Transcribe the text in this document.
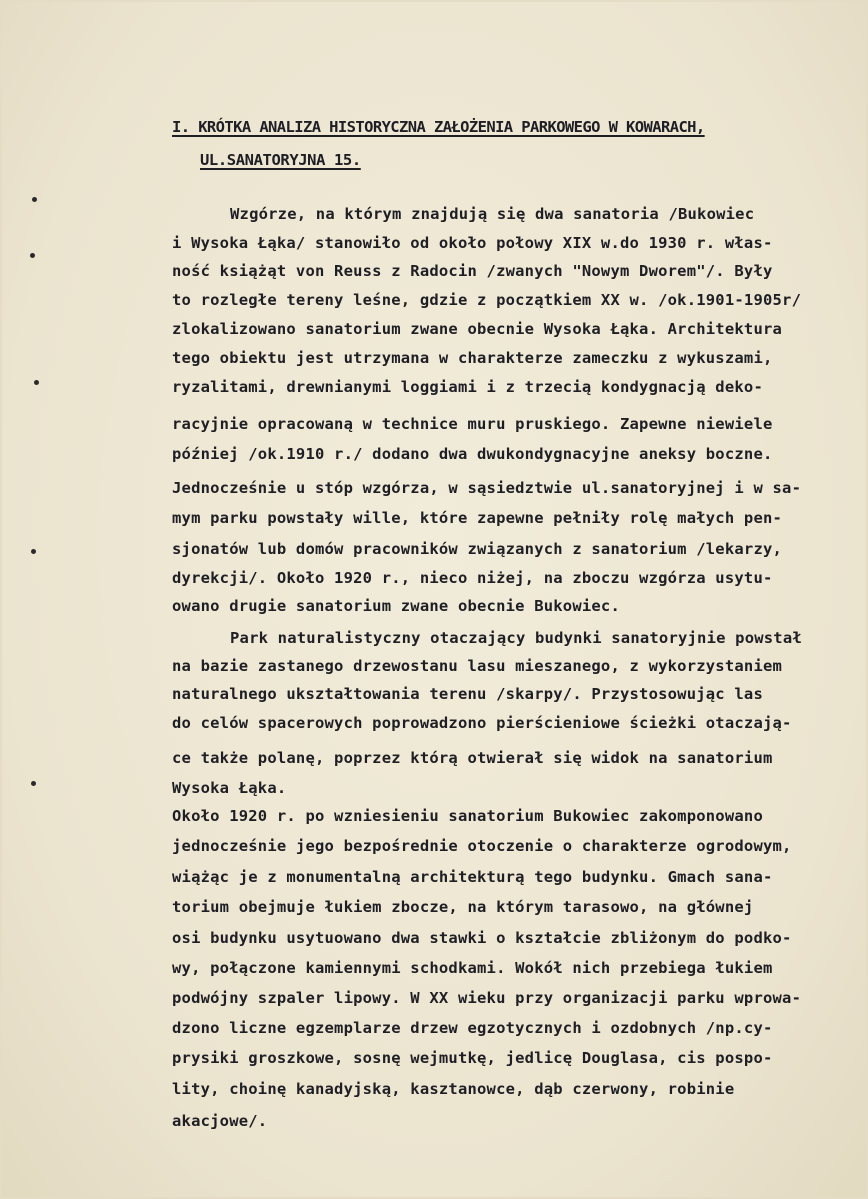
I. KRÓTKA ANALIZA HISTORYCZNA ZAŁOŻENIA PARKOWEGO W KOWARACH,
UL.SANATORYJNA 15.
Wzgórze, na którym znajdują się dwa sanatoria /Bukowiec
i Wysoka Łąka/ stanowiło od około połowy XIX w.do 1930 r. włas-
ność książąt von Reuss z Radocin /zwanych "Nowym Dworem"/. Były
to rozległe tereny leśne, gdzie z początkiem XX w. /ok.1901-1905r/
zlokalizowano sanatorium zwane obecnie Wysoka Łąka. Architektura
tego obiektu jest utrzymana w charakterze zameczku z wykuszami,
ryzalitami, drewnianymi loggiami i z trzecią kondygnacją deko-
racyjnie opracowaną w technice muru pruskiego. Zapewne niewiele
później /ok.1910 r./ dodano dwa dwukondygnacyjne aneksy boczne.
Jednocześnie u stóp wzgórza, w sąsiedztwie ul.sanatoryjnej i w sa-
mym parku powstały wille, które zapewne pełniły rolę małych pen-
sjonatów lub domów pracowników związanych z sanatorium /lekarzy,
dyrekcji/. Około 1920 r., nieco niżej, na zboczu wzgórza usytu-
owano drugie sanatorium zwane obecnie Bukowiec.
Park naturalistyczny otaczający budynki sanatoryjnie powstał
na bazie zastanego drzewostanu lasu mieszanego, z wykorzystaniem
naturalnego ukształtowania terenu /skarpy/. Przystosowując las
do celów spacerowych poprowadzono pierścieniowe ścieżki otaczają-
ce także polanę, poprzez którą otwierał się widok na sanatorium
Wysoka Łąka.
Około 1920 r. po wzniesieniu sanatorium Bukowiec zakomponowano
jednocześnie jego bezpośrednie otoczenie o charakterze ogrodowym,
wiążąc je z monumentalną architekturą tego budynku. Gmach sana-
torium obejmuje łukiem zbocze, na którym tarasowo, na głównej
osi budynku usytuowano dwa stawki o kształcie zbliżonym do podko-
wy, połączone kamiennymi schodkami. Wokół nich przebiega łukiem
podwójny szpaler lipowy. W XX wieku przy organizacji parku wprowa-
dzono liczne egzemplarze drzew egzotycznych i ozdobnych /np.cy-
prysiki groszkowe, sosnę wejmutkę, jedlicę Douglasa, cis pospo-
lity, choinę kanadyjską, kasztanowce, dąb czerwony, robinie
akacjowe/.
